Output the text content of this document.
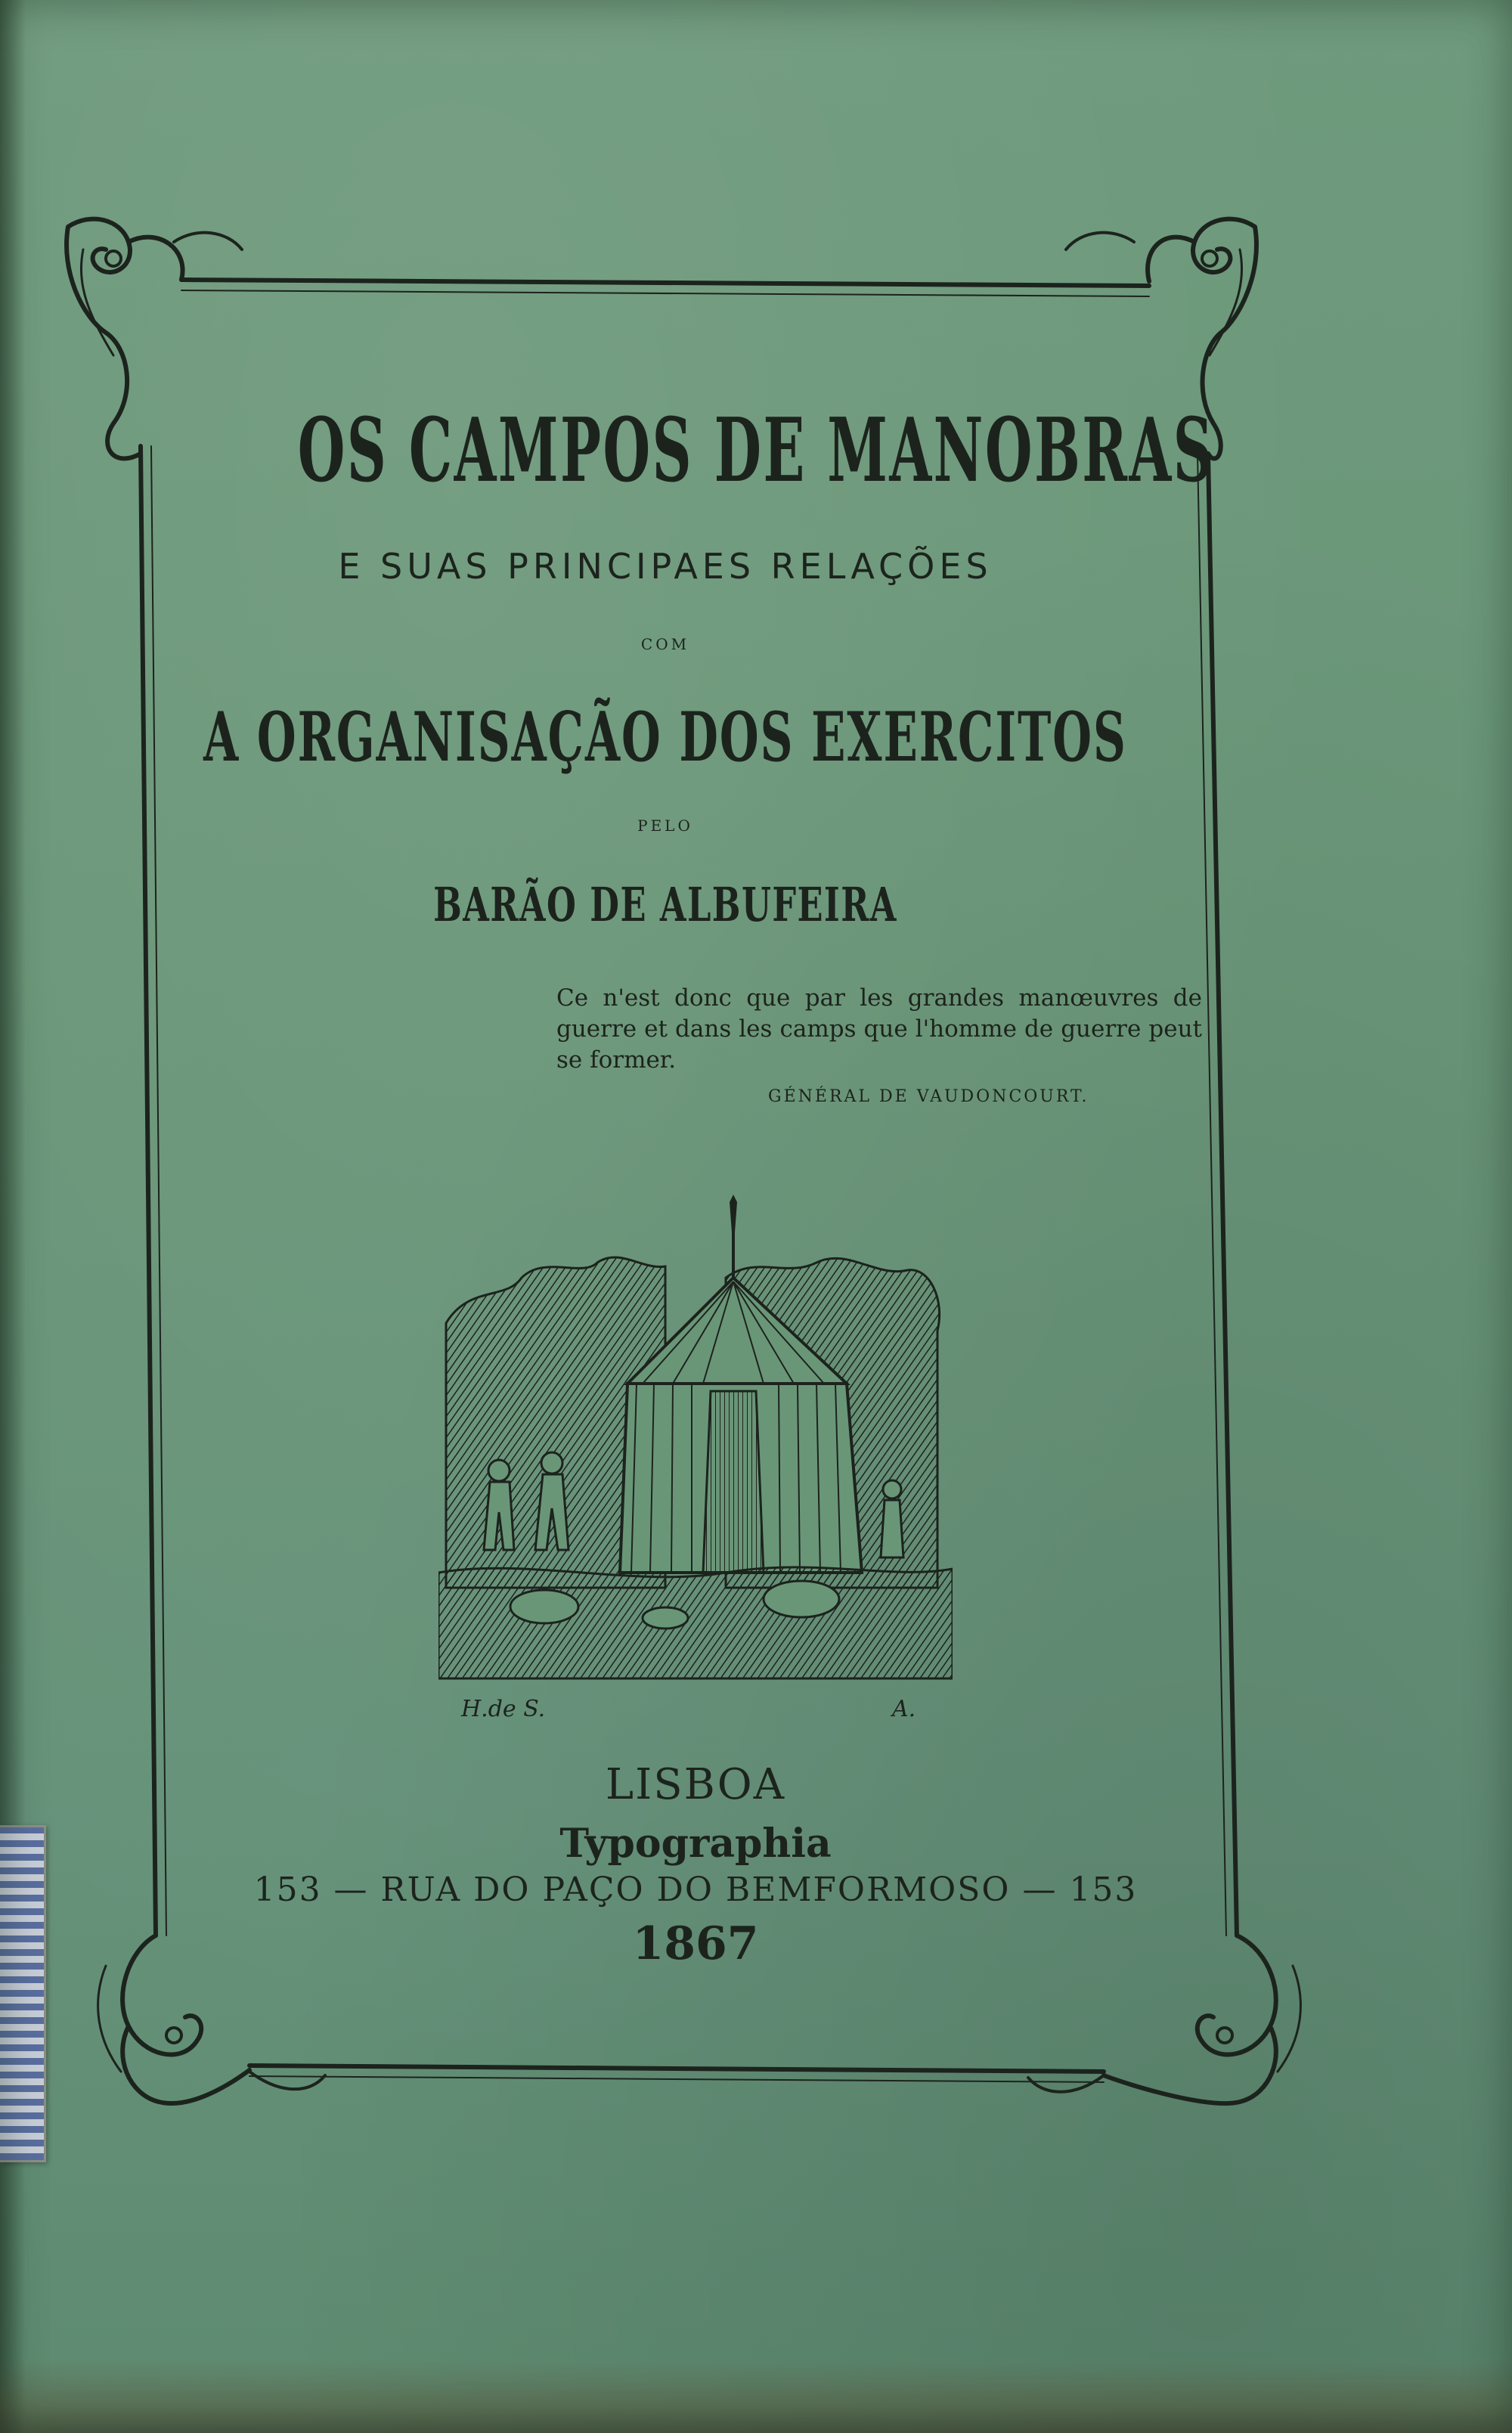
OS CAMPOS DE MANOBRAS
E SUAS PRINCIPAES RELAÇÕES
COM
A ORGANISAÇÃO DOS EXERCITOS
PELO
BARÃO DE ALBUFEIRA
Ce n'est donc que par les grandes manœuvres de guerre et dans les camps que l'homme de guerre peut se former.
GÉNÉRAL DE VAUDONCOURT.
H.de S.	A.
LISBOA
Typographia
153 — RUA DO PAÇO DO BEMFORMOSO — 153
1867
